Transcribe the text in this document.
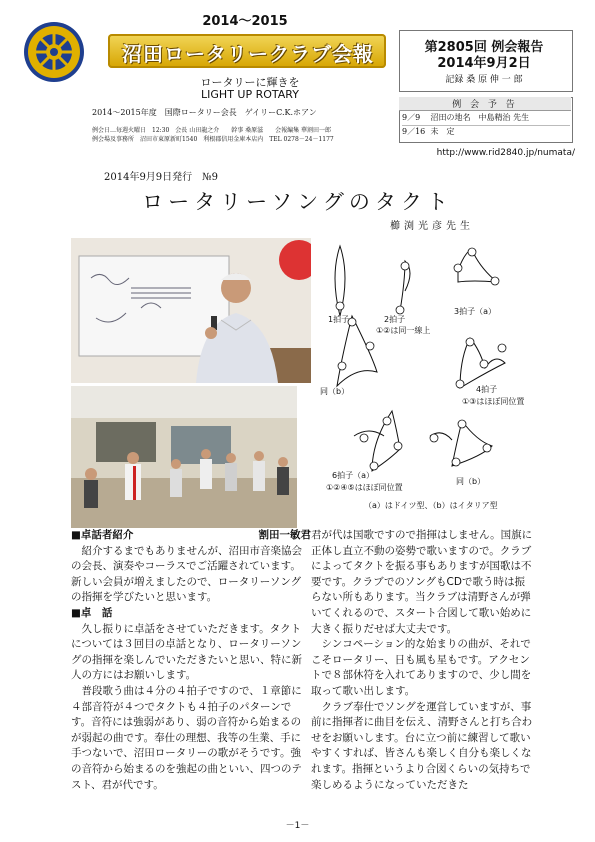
2014～2015
沼田ロータリークラブ会報
ロータリーに輝きを
LIGHT UP ROTARY
2014～2015年度　国際ロータリー会長　ゲイリーC.K.ホアン
例会日…毎週火曜日　12:30　会長 山田龍之介　　幹事 桑原滋　　会報編集 華割田一郎
例会場及事務所　沼田市東原新町1540　利根郡信用金庫本店内　TEL 0278－24－1177
第2805回 例会報告
2014年9月2日
記録 桑 原 伸 一 郎
例 会 予 告
9／9 沼田の地名　中島精治 先生
9／16 未　定
http://www.rid2840.jp/numata/
2014年9月9日発行　№9
ロータリーソングのタクト
櫛渕光彦先生
1拍子	2拍子
①②は同一線上
3拍子（a）
同（b）	4拍子
①③はほぼ同位置
6拍子（a）
①②④⑤はほぼ同位置
同（b）
（a）はドイツ型、（b）はイタリア型
■卓話者紹介	割田一敏君

紹介するまでもありませんが、沼田市音楽協会の会長、演奏やコーラスでご活躍されています。新しい会員が増えましたので、ロータリーソングの指揮を学びたいと思います。

■卓　話

久し振りに卓話をさせていただきます。タクトについては３回目の卓話となり、ロータリーソングの指揮を楽しんでいただきたいと思い、特に新人の方にはお願いします。

普段歌う曲は４分の４拍子ですので、１章節に４部音符が４つでタクトも４拍子のパターンです。音符には強弱があり、弱の音符から始まるのが弱起の曲です。奉仕の理想、我等の生業、手に手つないで、沼田ロータリーの歌がそうです。強の音符から始まるのを強起の曲といい、四つのテスト、君が代です。

君が代は国歌ですので指揮はしません。国旗に正体し直立不動の姿勢で歌いますので。クラブによってタクトを振る事もありますが国歌は不要です。クラブでのソングもCDで歌う時は振らない所もあります。当クラブは清野さんが弾いてくれるので、スタート合図して歌い始めに大きく振りだせば大丈夫です。

シンコペーション的な始まりの曲が、それでこそロータリー、日も風も星もです。アクセントで８部休符を入れてありますので、少し間を取って歌い出します。

クラブ奉仕でソングを運営していますが、事前に指揮者に曲目を伝え、清野さんと打ち合わせをお願いします。台に立つ前に練習して歌いやすくすれば、皆さんも楽しく自分も楽しくなれます。指揮というより合図くらいの気持ちで楽しめるようになっていただきた

－1－
